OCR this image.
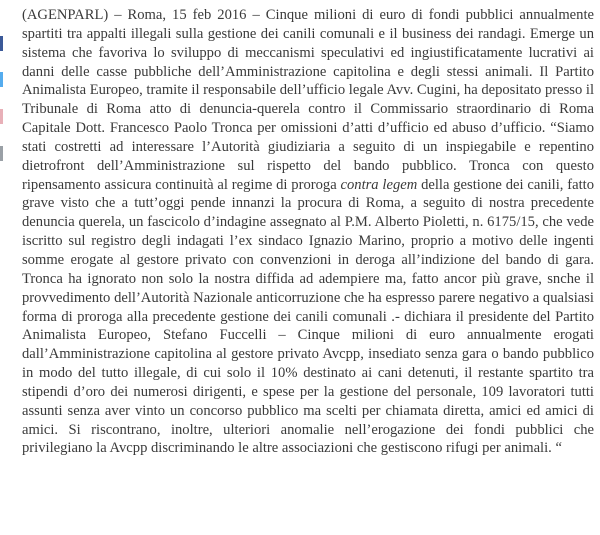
(AGENPARL) – Roma, 15 feb 2016 – Cinque milioni di euro di fondi pubblici annualmente spartiti tra appalti illegali sulla gestione dei canili comunali e il business dei randagi. Emerge un sistema che favoriva lo sviluppo di meccanismi speculativi ed ingiustificatamente lucrativi ai danni delle casse pubbliche dell’Amministrazione capitolina e degli stessi animali. Il Partito Animalista Europeo, tramite il responsabile dell’ufficio legale Avv. Cugini, ha depositato presso il Tribunale di Roma atto di denuncia-querela contro il Commissario straordinario di Roma Capitale Dott. Francesco Paolo Tronca per omissioni d’atti d’ufficio ed abuso d’ufficio. “Siamo stati costretti ad interessare l’Autorità giudiziaria a seguito di un inspiegabile e repentino dietrofront dell’Amministrazione sul rispetto del bando pubblico. Tronca con questo ripensamento assicura continuità al regime di proroga contra legem della gestione dei canili, fatto grave visto che a tutt’oggi pende innanzi la procura di Roma, a seguito di nostra precedente denuncia querela, un fascicolo d’indagine assegnato al P.M. Alberto Pioletti, n. 6175/15, che vede iscritto sul registro degli indagati l’ex sindaco Ignazio Marino, proprio a motivo delle ingenti somme erogate al gestore privato con convenzioni in deroga all’indizione del bando di gara. Tronca ha ignorato non solo la nostra diffida ad adempiere ma, fatto ancor più grave, snche il provvedimento dell’Autorità Nazionale anticorruzione che ha espresso parere negativo a qualsiasi forma di proroga alla precedente gestione dei canili comunali .- dichiara il presidente del Partito Animalista Europeo, Stefano Fuccelli – Cinque milioni di euro annualmente erogati dall’Amministrazione capitolina al gestore privato Avcpp, insediato senza gara o bando pubblico in modo del tutto illegale, di cui solo il 10% destinato ai cani detenuti, il restante spartito tra stipendi d’oro dei numerosi dirigenti, e spese per la gestione del personale, 109 lavoratori tutti assunti senza aver vinto un concorso pubblico ma scelti per chiamata diretta, amici ed amici di amici. Si riscontrano, inoltre, ulteriori anomalie nell’erogazione dei fondi pubblici che privilegiano la Avcpp discriminando le altre associazioni che gestiscono rifugi per animali. “
